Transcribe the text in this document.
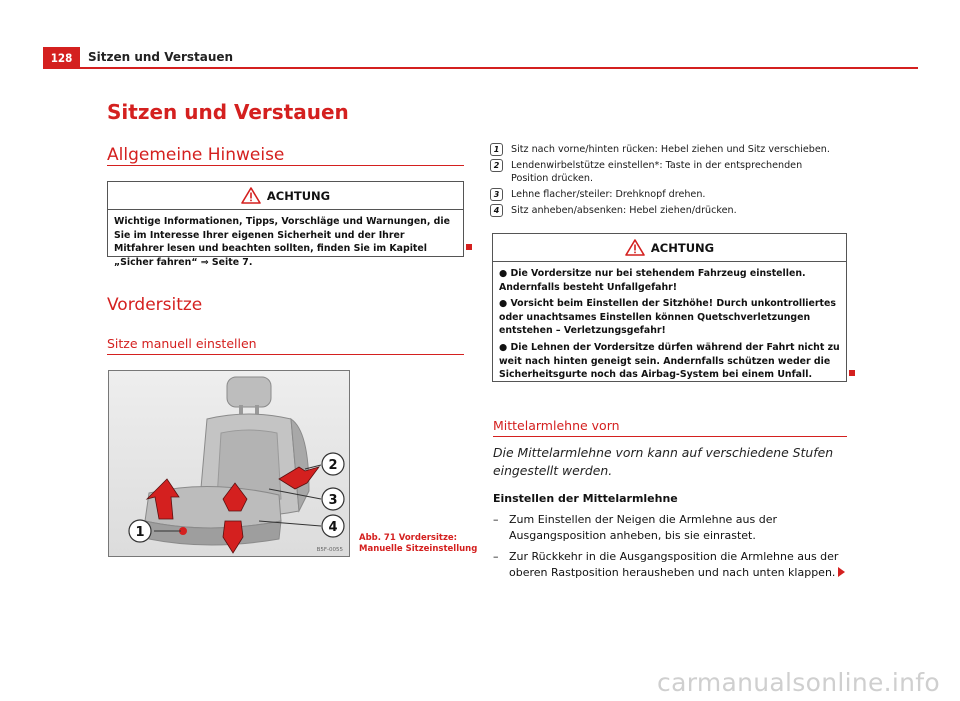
128	Sitzen und Verstauen
Sitzen und Verstauen
Allgemeine Hinweise
ACHTUNG

Wichtige Informationen, Tipps, Vorschläge und Warnungen, die Sie im Interesse Ihrer eigenen Sicherheit und der Ihrer Mitfahrer lesen und beachten sollten, finden Sie im Kapitel „Sicher fahren“ ⇒ Seite 7.

Vordersitze
Sitze manuell einstellen
1
2
3
4
B5F-0055
Abb. 71 Vordersitze:
Manuelle Sitzeinstellung
1	Sitz nach vorne/hinten rücken: Hebel ziehen und Sitz verschieben.
2	Lendenwirbelstütze einstellen*: Taste in der entsprechenden Position drücken.
3	Lehne flacher/steiler: Drehknopf drehen.
4	Sitz anheben/absenken: Hebel ziehen/drücken.
ACHTUNG

● Die Vordersitze nur bei stehendem Fahrzeug einstellen. Andernfalls besteht Unfallgefahr!

● Vorsicht beim Einstellen der Sitzhöhe! Durch unkontrolliertes oder unachtsames Einstellen können Quetschverletzungen entstehen – Verletzungsgefahr!

● Die Lehnen der Vordersitze dürfen während der Fahrt nicht zu weit nach hinten geneigt sein. Andernfalls schützen weder die Sicherheitsgurte noch das Airbag-System bei einem Unfall.

Mittelarmlehne vorn
Die Mittelarmlehne vorn kann auf verschiedene Stufen eingestellt werden.
Einstellen der Mittelarmlehne
– Zum Einstellen der Neigen die Armlehne aus der Ausgangsposition anheben, bis sie einrastet.
– Zur Rückkehr in die Ausgangsposition die Armlehne aus der oberen Rastposition herausheben und nach unten klappen.
carmanualsonline.info
